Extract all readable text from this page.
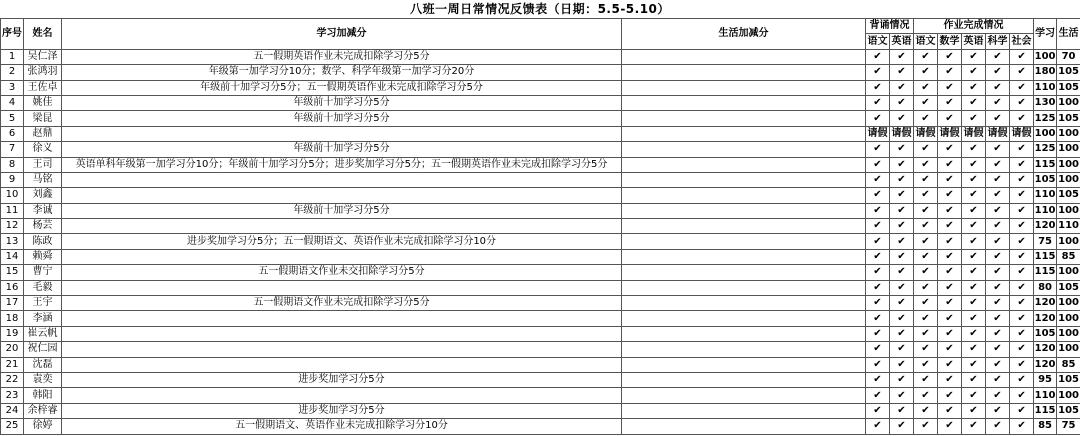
八班一周日常情况反馈表（日期：5.5-5.10）
序号	姓名	学习加减分	生活加减分	背诵情况		作业完成情况					学习	生活
				语文	英语	语文	数学	英语	科学	社会		
1	吴仁泽	五一假期英语作业未完成扣除学习分5分		✔	✔	✔	✔	✔	✔	✔	100	70
2	张鸿羽	年级第一加学习分10分；数学、科学年级第一加学习分20分		✔	✔	✔	✔	✔	✔	✔	180	105
3	王佐卓	年级前十加学习分5分；五一假期英语作业未完成扣除学习分5分		✔	✔	✔	✔	✔	✔	✔	110	105
4	姚佳	年级前十加学习分5分		✔	✔	✔	✔	✔	✔	✔	130	100
5	梁昆	年级前十加学习分5分		✔	✔	✔	✔	✔	✔	✔	125	105
6	赵鼎			请假	请假	请假	请假	请假	请假	请假	100	100
7	徐义	年级前十加学习分5分		✔	✔	✔	✔	✔	✔	✔	125	100
8	王司	英语单科年级第一加学习分10分；年级前十加学习分5分；进步奖加学习分5分；五一假期英语作业未完成扣除学习分5分		✔	✔	✔	✔	✔	✔	✔	115	100
9	马铭			✔	✔	✔	✔	✔	✔	✔	105	100
10	刘鑫			✔	✔	✔	✔	✔	✔	✔	110	105
11	李诚	年级前十加学习分5分		✔	✔	✔	✔	✔	✔	✔	110	100
12	杨芸			✔	✔	✔	✔	✔	✔	✔	120	110
13	陈政	进步奖加学习分5分；五一假期语文、英语作业未完成扣除学习分10分		✔	✔	✔	✔	✔	✔	✔	75	100
14	赖舜			✔	✔	✔	✔	✔	✔	✔	115	85
15	曹宁	五一假期语文作业未交扣除学习分5分		✔	✔	✔	✔	✔	✔	✔	115	100
16	毛毅			✔	✔	✔	✔	✔	✔	✔	80	105
17	王宇	五一假期语文作业未完成扣除学习分5分		✔	✔	✔	✔	✔	✔	✔	120	100
18	李涵			✔	✔	✔	✔	✔	✔	✔	120	100
19	崔云帆			✔	✔	✔	✔	✔	✔	✔	105	100
20	祝仁园			✔	✔	✔	✔	✔	✔	✔	120	100
21	沈磊			✔	✔	✔	✔	✔	✔	✔	120	85
22	袁奕	进步奖加学习分5分		✔	✔	✔	✔	✔	✔	✔	95	105
23	韩阳			✔	✔	✔	✔	✔	✔	✔	110	100
24	余梓睿	进步奖加学习分5分		✔	✔	✔	✔	✔	✔	✔	115	105
25	徐婷	五一假期语文、英语作业未完成扣除学习分10分		✔	✔	✔	✔	✔	✔	✔	85	75
